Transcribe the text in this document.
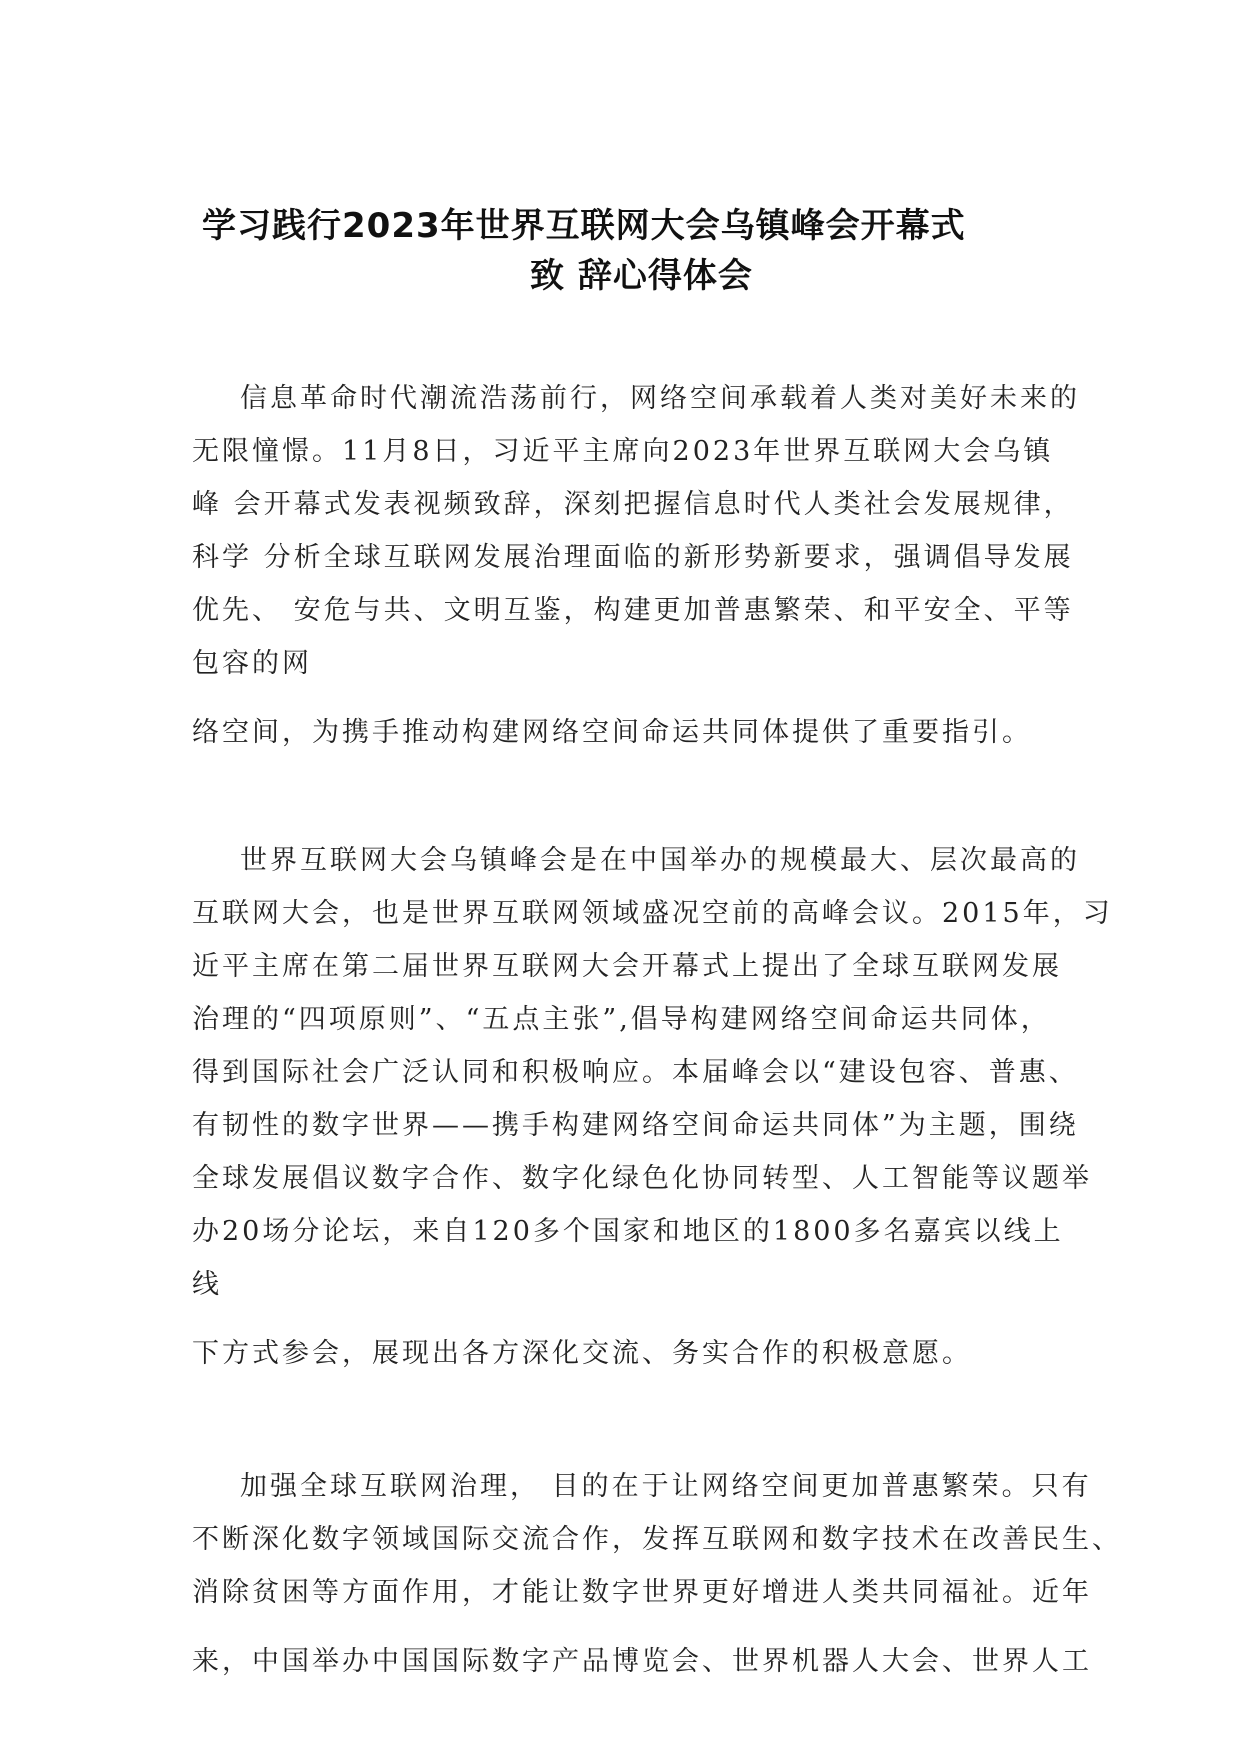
学习践行2023年世界互联网大会乌镇峰会开幕式
致 辞心得体会
信息革命时代潮流浩荡前行，网络空间承载着人类对美好未来的
无限憧憬。11月8日，习近平主席向2023年世界互联网大会乌镇
峰 会开幕式发表视频致辞，深刻把握信息时代人类社会发展规律，
科学 分析全球互联网发展治理面临的新形势新要求，强调倡导发展
优先、 安危与共、文明互鉴，构建更加普惠繁荣、和平安全、平等
包容的网
络空间，为携手推动构建网络空间命运共同体提供了重要指引。
世界互联网大会乌镇峰会是在中国举办的规模最大、层次最高的
互联网大会，也是世界互联网领域盛况空前的高峰会议。2015年，习
近平主席在第二届世界互联网大会开幕式上提出了全球互联网发展
治理的“四项原则”、“五点主张”,倡导构建网络空间命运共同体，
得到国际社会广泛认同和积极响应。本届峰会以“建设包容、普惠、
有韧性的数字世界——携手构建网络空间命运共同体”为主题，围绕
全球发展倡议数字合作、数字化绿色化协同转型、人工智能等议题举
办20场分论坛，来自120多个国家和地区的1800多名嘉宾以线上
线
下方式参会，展现出各方深化交流、务实合作的积极意愿。
加强全球互联网治理， 目的在于让网络空间更加普惠繁荣。只有
不断深化数字领域国际交流合作，发挥互联网和数字技术在改善民生、
消除贫困等方面作用，才能让数字世界更好增进人类共同福祉。近年
来，中国举办中国国际数字产品博览会、世界机器人大会、世界人工
